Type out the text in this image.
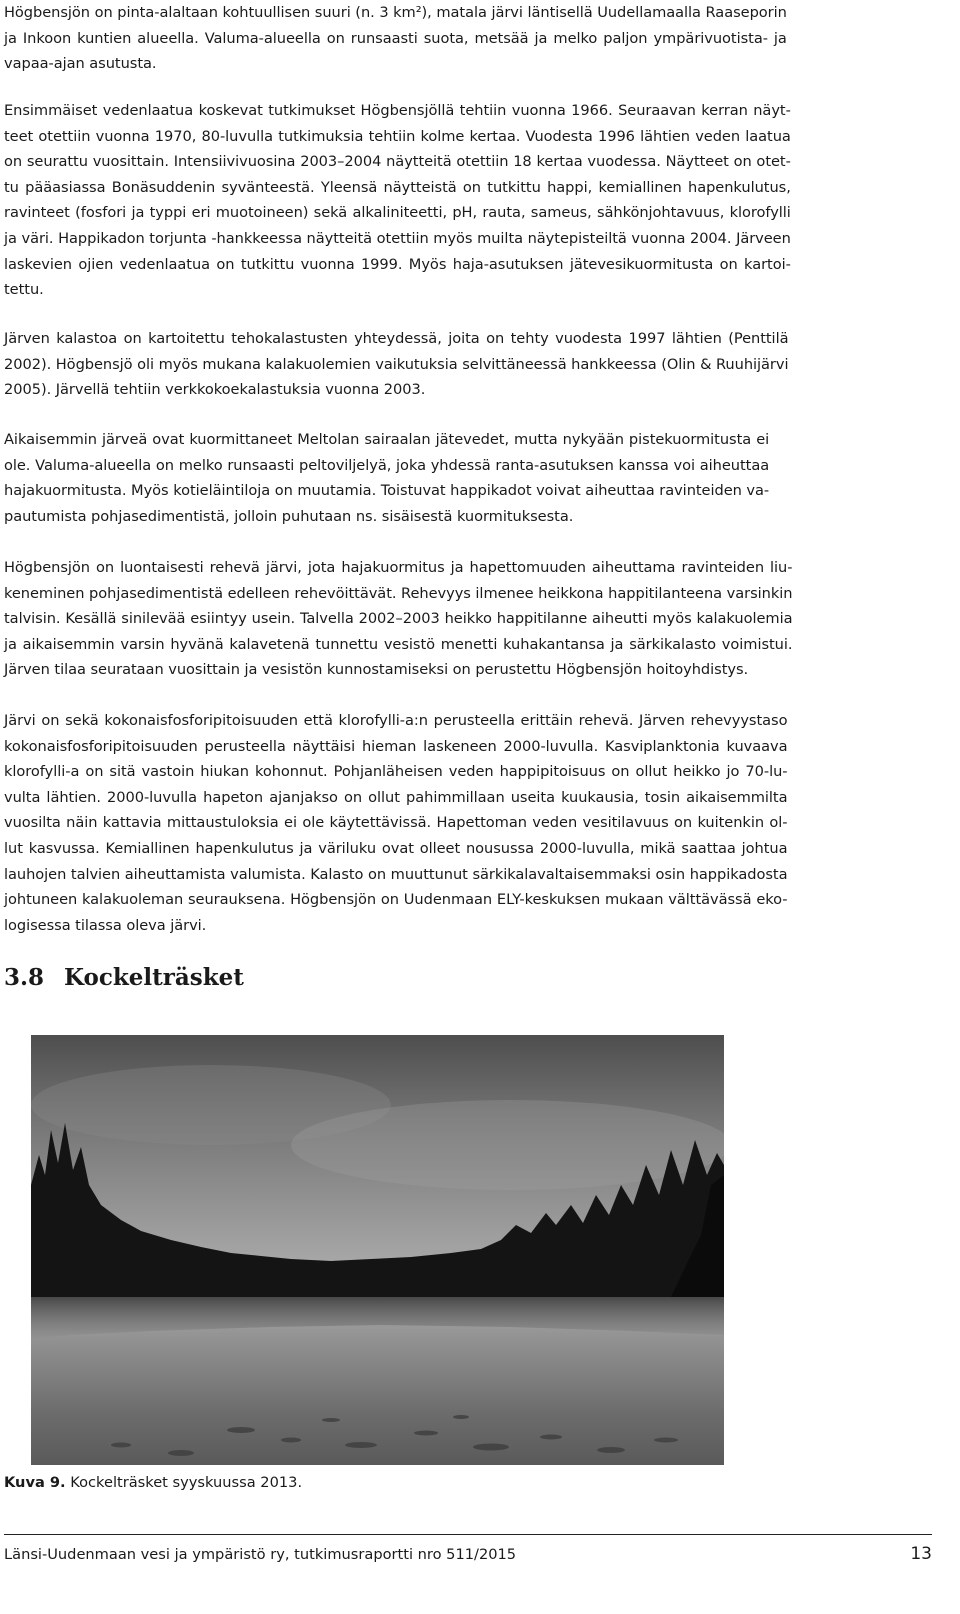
Högbensjön on pinta-alaltaan kohtuullisen suuri (n. 3 km²), matala järvi läntisellä Uudellamaalla Raaseporin
ja Inkoon kuntien alueella. Valuma-alueella on runsaasti suota, metsää ja melko paljon ympärivuotista- ja
vapaa-ajan asutusta.
Ensimmäiset vedenlaatua koskevat tutkimukset Högbensjöllä tehtiin vuonna 1966. Seuraavan kerran näyt-
teet otettiin vuonna 1970, 80-luvulla tutkimuksia tehtiin kolme kertaa. Vuodesta 1996 lähtien veden laatua
on seurattu vuosittain. Intensiivivuosina 2003–2004 näytteitä otettiin 18 kertaa vuodessa. Näytteet on otet-
tu pääasiassa Bonäsuddenin syvänteestä. Yleensä näytteistä on tutkittu happi, kemiallinen hapenkulutus,
ravinteet (fosfori ja typpi eri muotoineen) sekä alkaliniteetti, pH, rauta, sameus, sähkönjohtavuus, klorofylli
ja väri. Happikadon torjunta -hankkeessa näytteitä otettiin myös muilta näytepisteiltä vuonna 2004. Järveen
laskevien ojien vedenlaatua on tutkittu vuonna 1999. Myös haja-asutuksen jätevesikuormitusta on kartoi-
tettu.
Järven kalastoa on kartoitettu tehokalastusten yhteydessä, joita on tehty vuodesta 1997 lähtien (Penttilä
2002). Högbensjö oli myös mukana kalakuolemien vaikutuksia selvittäneessä hankkeessa (Olin & Ruuhijärvi
2005). Järvellä tehtiin verkkokoekalastuksia vuonna 2003.
Aikaisemmin järveä ovat kuormittaneet Meltolan sairaalan jätevedet, mutta nykyään pistekuormitusta ei
ole. Valuma-alueella on melko runsaasti peltoviljelyä, joka yhdessä ranta-asutuksen kanssa voi aiheuttaa
hajakuormitusta. Myös kotieläintiloja on muutamia. Toistuvat happikadot voivat aiheuttaa ravinteiden va-
pautumista pohjasedimentistä, jolloin puhutaan ns. sisäisestä kuormituksesta.
Högbensjön on luontaisesti rehevä järvi, jota hajakuormitus ja hapettomuuden aiheuttama ravinteiden liu-
keneminen pohjasedimentistä edelleen rehevöittävät. Rehevyys ilmenee heikkona happitilanteena varsinkin
talvisin. Kesällä sinilevää esiintyy usein. Talvella 2002–2003 heikko happitilanne aiheutti myös kalakuolemia
ja aikaisemmin varsin hyvänä kalavetenä tunnettu vesistö menetti kuhakantansa ja särkikalasto voimistui.
Järven tilaa seurataan vuosittain ja vesistön kunnostamiseksi on perustettu Högbensjön hoitoyhdistys.
Järvi on sekä kokonaisfosforipitoisuuden että klorofylli-a:n perusteella erittäin rehevä. Järven rehevyystaso
kokonaisfosforipitoisuuden perusteella näyttäisi hieman laskeneen 2000-luvulla. Kasviplanktonia kuvaava
klorofylli-a on sitä vastoin hiukan kohonnut. Pohjanläheisen veden happipitoisuus on ollut heikko jo 70-lu-
vulta lähtien. 2000-luvulla hapeton ajanjakso on ollut pahimmillaan useita kuukausia, tosin aikaisemmilta
vuosilta näin kattavia mittaustuloksia ei ole käytettävissä. Hapettoman veden vesitilavuus on kuitenkin ol-
lut kasvussa. Kemiallinen hapenkulutus ja väriluku ovat olleet nousussa 2000-luvulla, mikä saattaa johtua
lauhojen talvien aiheuttamista valumista. Kalasto on muuttunut särkikalavaltaisemmaksi osin happikadosta
johtuneen kalakuoleman seurauksena. Högbensjön on Uudenmaan ELY-keskuksen mukaan välttävässä eko-
logisessa tilassa oleva järvi.
3.8 Kockelträsket

Kuva 9. Kockelträsket syyskuussa 2013.

Länsi-Uudenmaan vesi ja ympäristö ry, tutkimusraportti nro 511/2015	13
